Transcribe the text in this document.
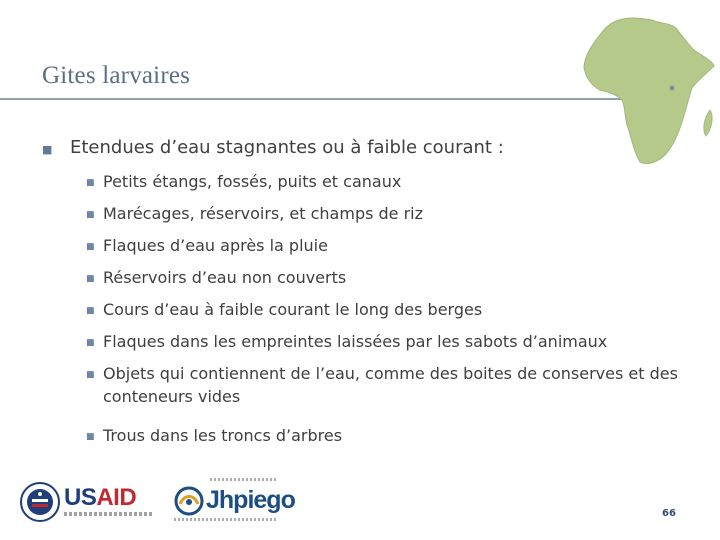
Gites larvaires
■ Etendues d’eau stagnantes ou à faible courant :
■ Petits étangs, fossés, puits et canaux
■ Marécages, réservoirs, et champs de riz
■ Flaques d’eau après la pluie
■ Réservoirs d’eau non couverts
■ Cours d’eau à faible courant le long des berges
■ Flaques dans les empreintes laissées par les sabots d’animaux
■ Objets qui contiennent de l’eau, comme des boites de conserves et des conteneurs vides
■ Trous dans les troncs d’arbres
USAID	Jhpiego	66
